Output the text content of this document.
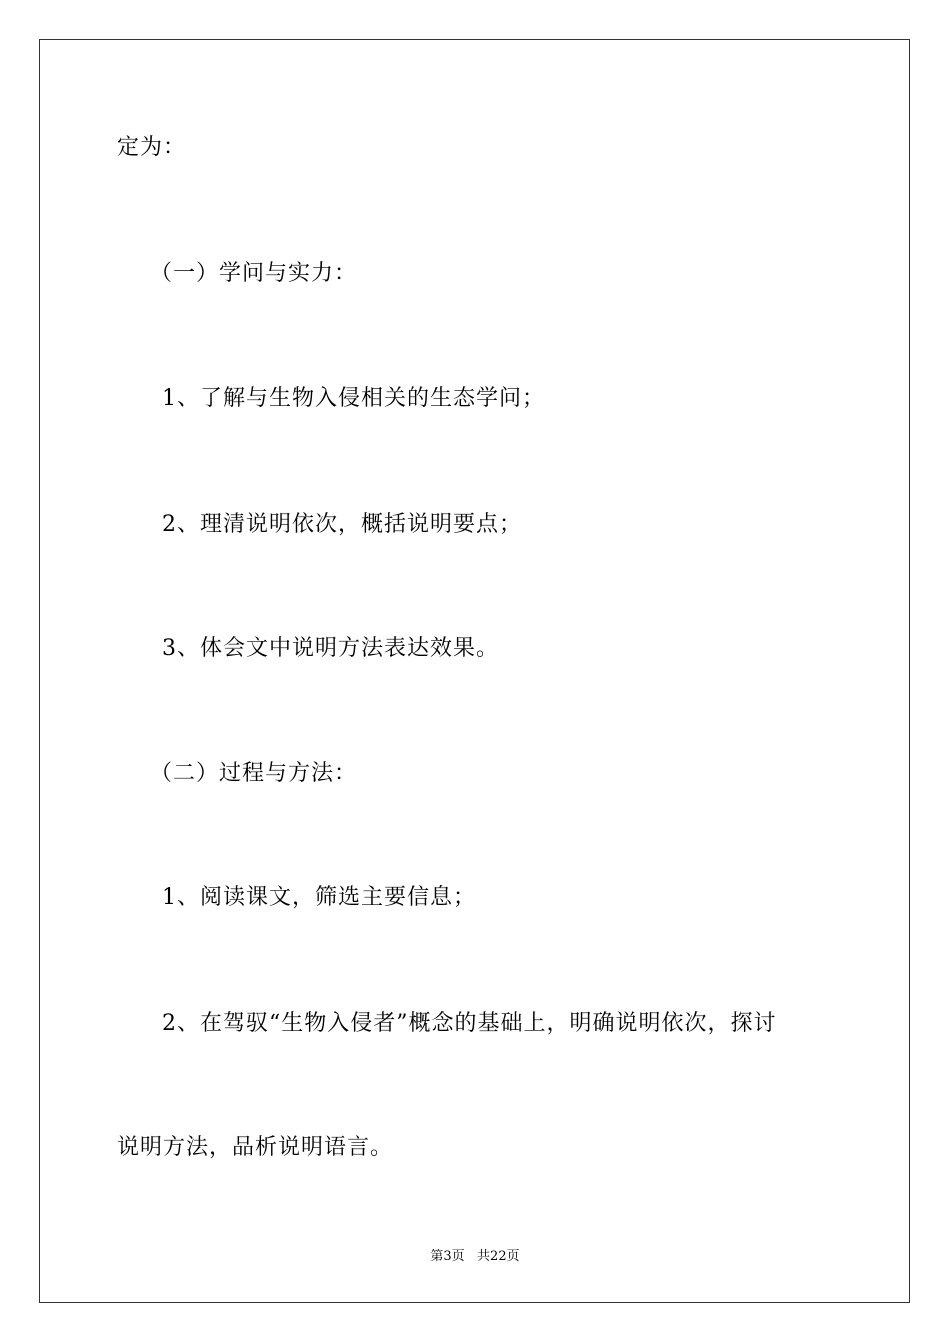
定为：
（一）学问与实力：
1、了解与生物入侵相关的生态学问；
2、理清说明依次，概括说明要点；
3、体会文中说明方法表达效果。
（二）过程与方法：
1、阅读课文，筛选主要信息；
2、在驾驭“生物入侵者”概念的基础上，明确说明依次，探讨
说明方法，品析说明语言。
第3页   共22页
